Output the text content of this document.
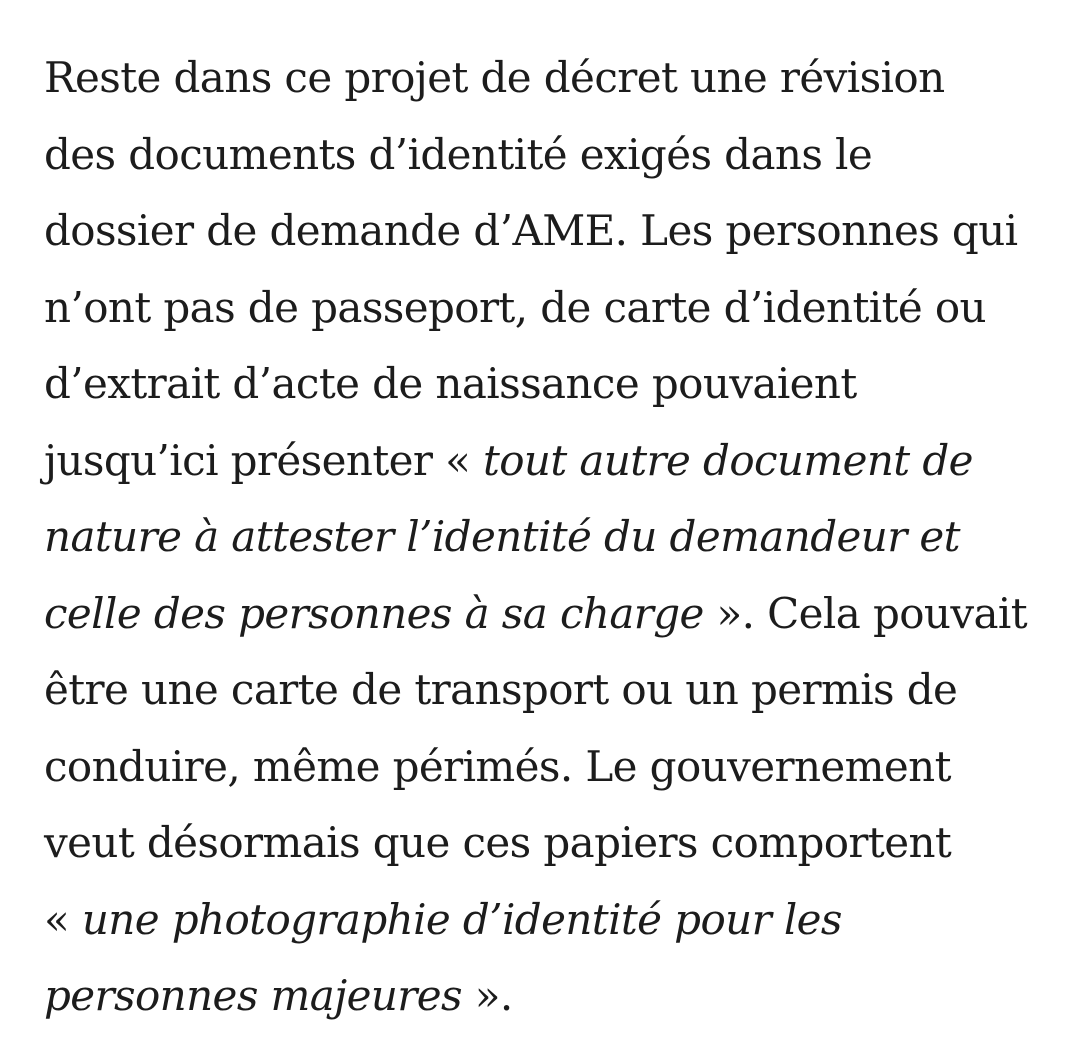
Reste dans ce projet de décret une révision
des documents d’identité exigés dans le
dossier de demande d’AME. Les personnes qui
n’ont pas de passeport, de carte d’identité ou
d’extrait d’acte de naissance pouvaient
jusqu’ici présenter « tout autre document de
nature à attester l’identité du demandeur et
celle des personnes à sa charge ». Cela pouvait
être une carte de transport ou un permis de
conduire, même périmés. Le gouvernement
veut désormais que ces papiers comportent
« une photographie d’identité pour les
personnes majeures ».
